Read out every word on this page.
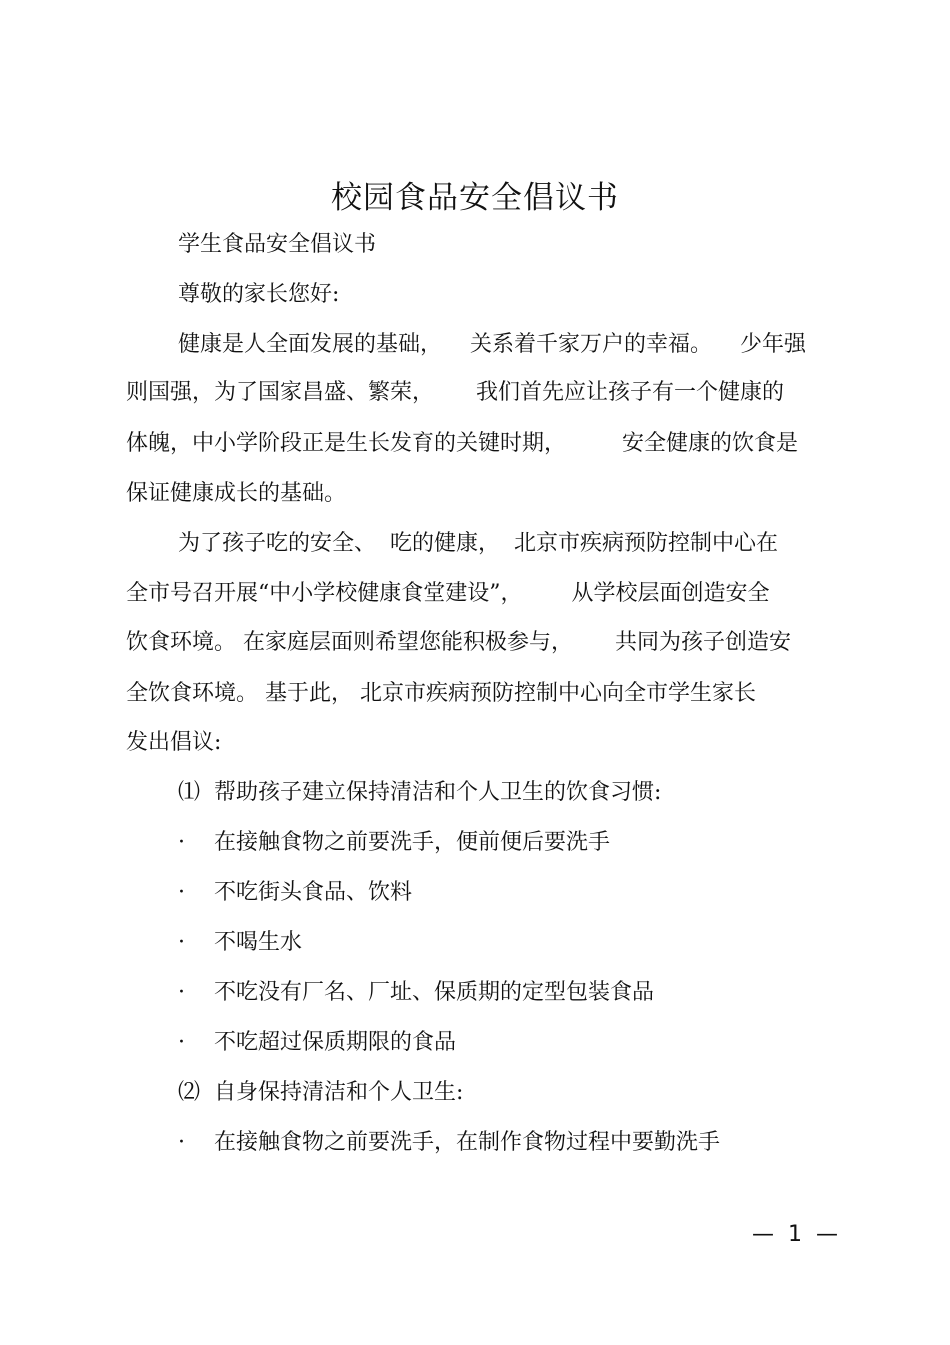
校园食品安全倡议书
学生食品安全倡议书
尊敬的家长您好:
健康是人全面发展的基础，    关系着千家万户的幸福。    少年强
则国强，为了国家昌盛、繁荣，      我们首先应让孩子有一个健康的
体魄，中小学阶段正是生长发育的关键时期，        安全健康的饮食是
保证健康成长的基础。
为了孩子吃的安全、  吃的健康，  北京市疾病预防控制中心在
全市号召开展“中小学校健康食堂建设”，       从学校层面创造安全
饮食环境。 在家庭层面则希望您能积极参与，      共同为孩子创造安
全饮食环境。 基于此， 北京市疾病预防控制中心向全市学生家长
发出倡议:
⑴  帮助孩子建立保持清洁和个人卫生的饮食习惯:
· 在接触食物之前要洗手，便前便后要洗手
· 不吃街头食品、饮料
· 不喝生水
· 不吃没有厂名、厂址、保质期的定型包装食品
· 不吃超过保质期限的食品
⑵  自身保持清洁和个人卫生:
· 在接触食物之前要洗手，在制作食物过程中要勤洗手
—  1  —
